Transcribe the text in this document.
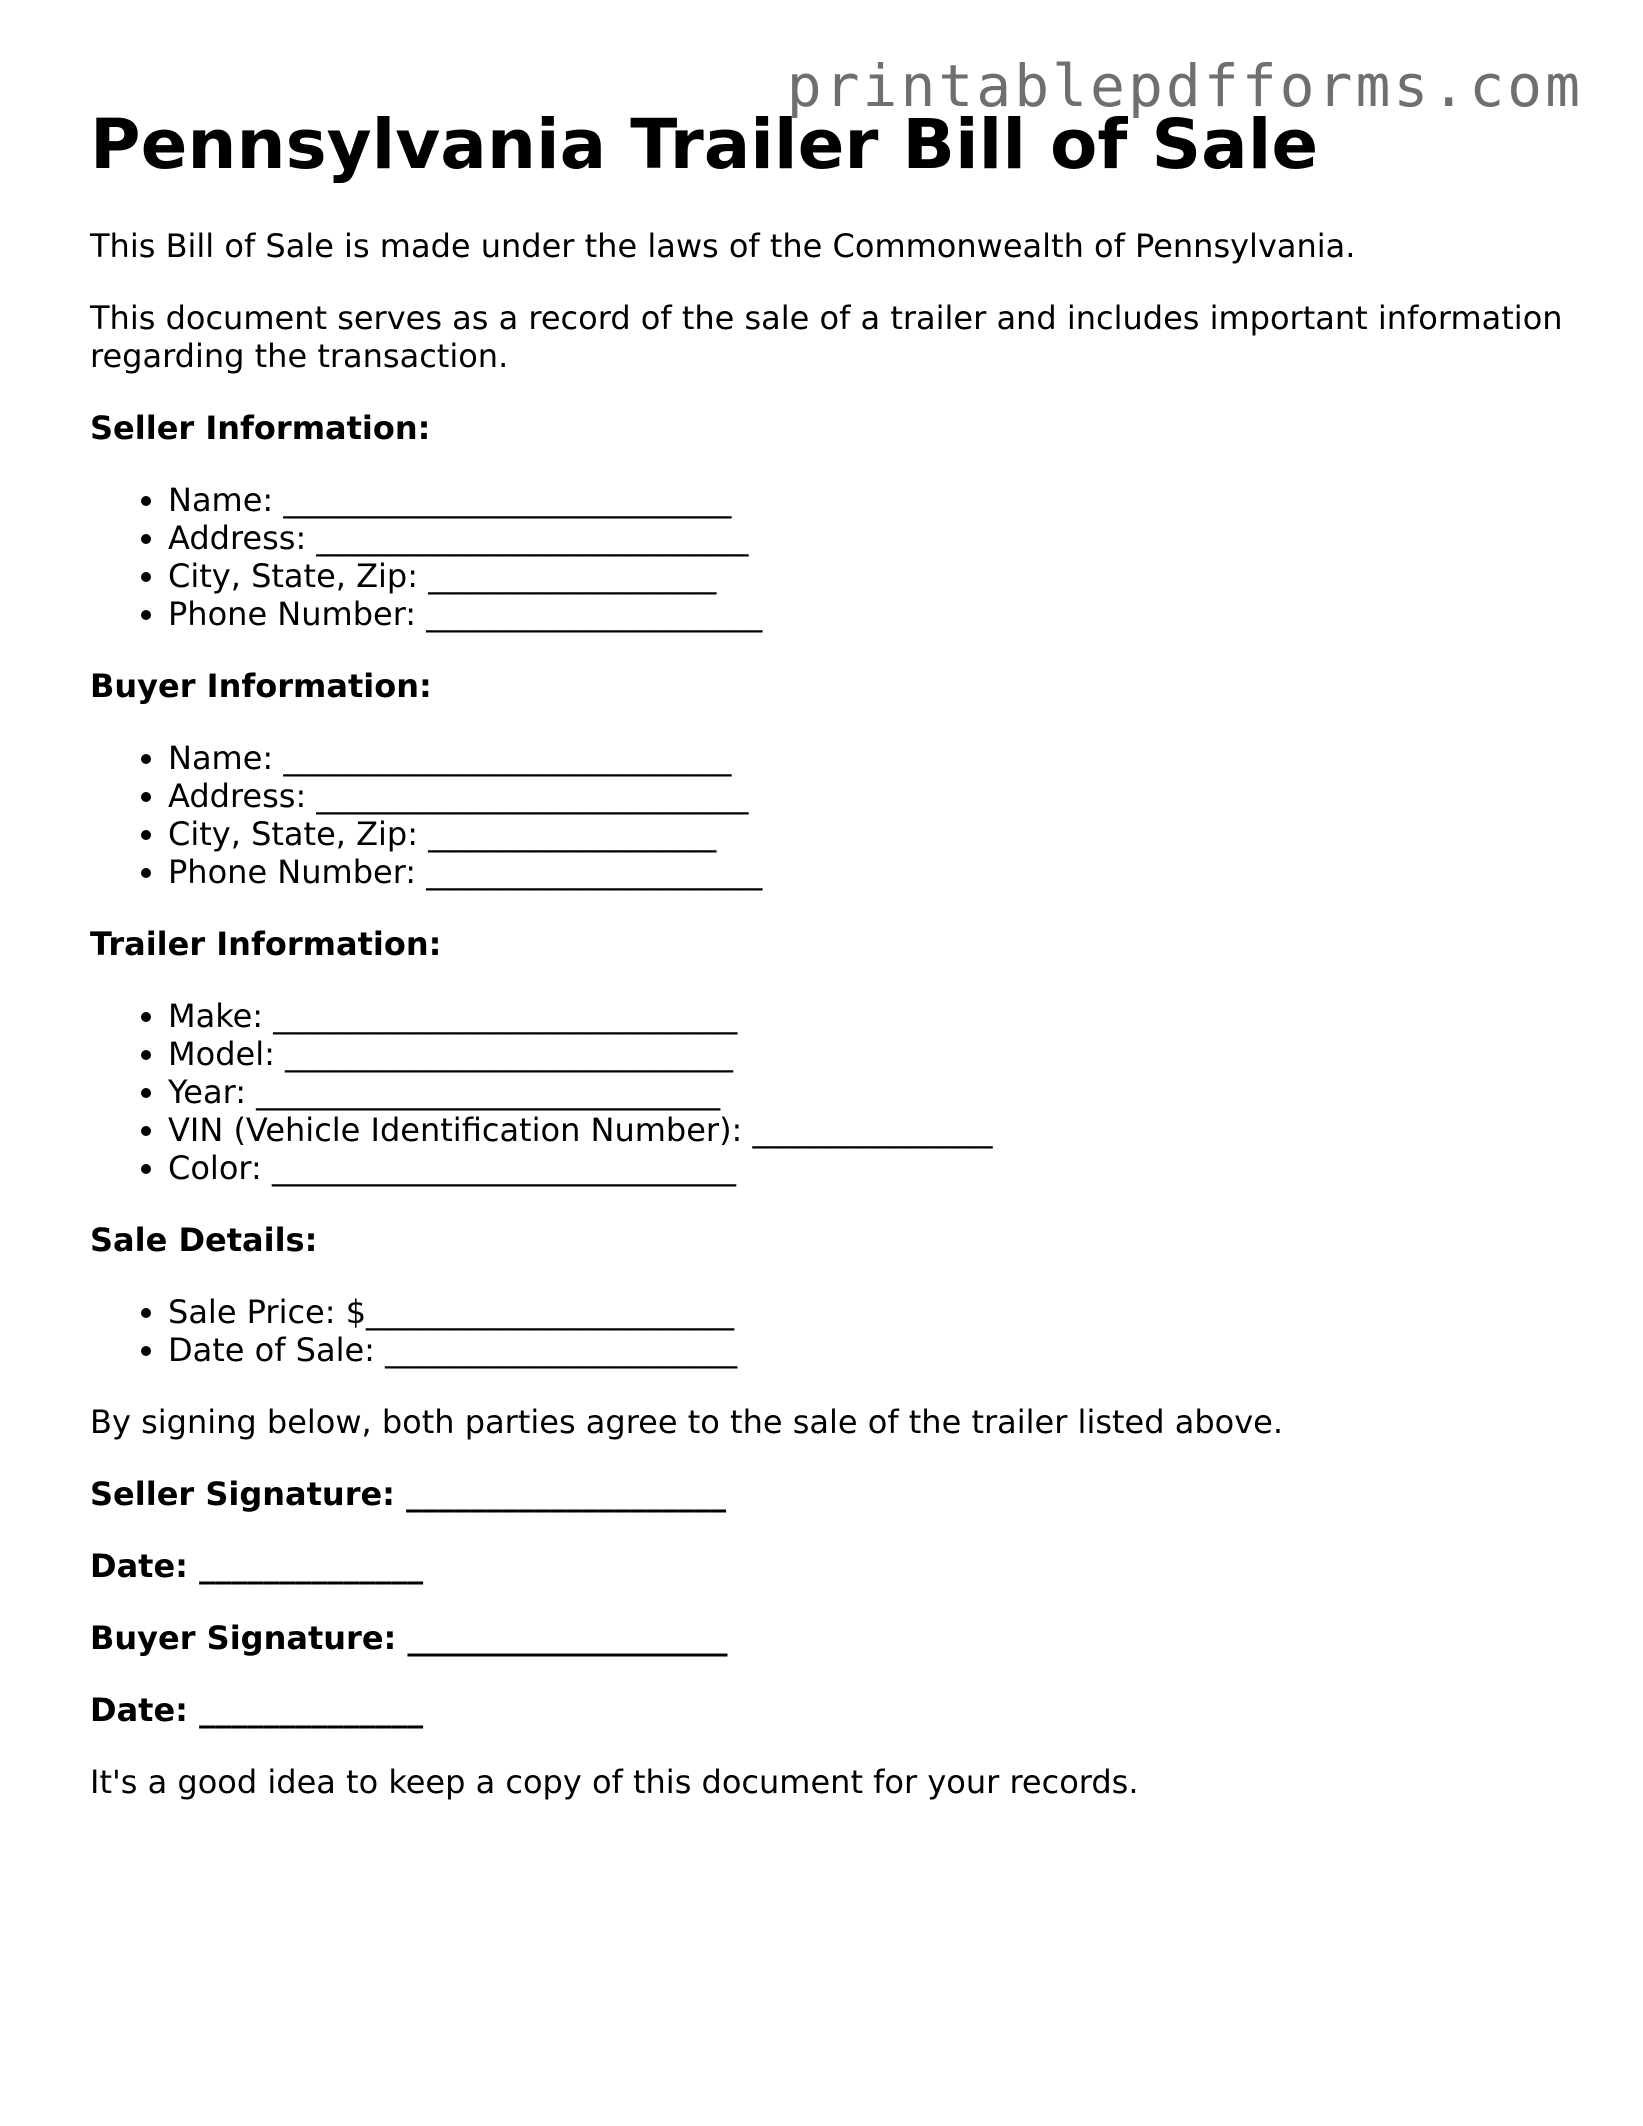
printablepdfforms.com
Pennsylvania Trailer Bill of Sale

This Bill of Sale is made under the laws of the Commonwealth of Pennsylvania.

This document serves as a record of the sale of a trailer and includes important information regarding the transaction.

Seller Information:

• Name: ____________________________
• Address: ___________________________
• City, State, Zip: __________________
• Phone Number: _____________________

Buyer Information:

• Name: ____________________________
• Address: ___________________________
• City, State, Zip: __________________
• Phone Number: _____________________

Trailer Information:

• Make: _____________________________
• Model: ____________________________
• Year: _____________________________
• VIN (Vehicle Identification Number): _______________
• Color: _____________________________

Sale Details:

• Sale Price: $_______________________
• Date of Sale: ______________________

By signing below, both parties agree to the sale of the trailer listed above.

Seller Signature: ____________________

Date: ______________

Buyer Signature: ____________________

Date: ______________

It's a good idea to keep a copy of this document for your records.
